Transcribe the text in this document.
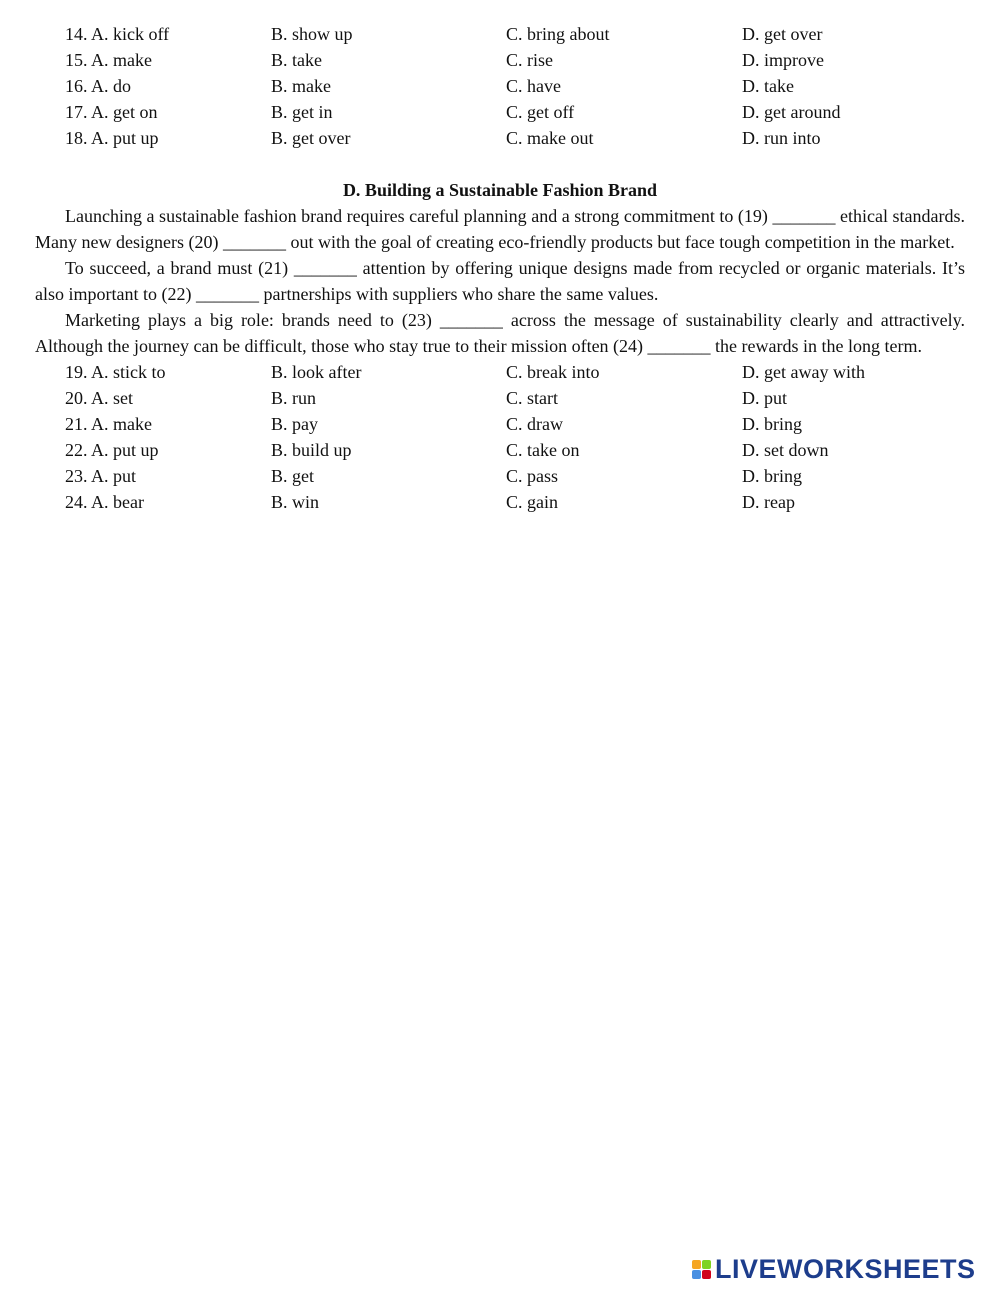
14. A. kick off	B. show up	C. bring about	D. get over
15. A. make	B. take	C. rise	D. improve
16. A. do	B. make	C. have	D. take
17. A. get on	B. get in	C. get off	D. get around
18. A. put up	B. get over	C. make out	D. run into
D. Building a Sustainable Fashion Brand

Launching a sustainable fashion brand requires careful planning and a strong commitment to (19) _______ ethical standards. Many new designers (20) _______ out with the goal of creating eco-friendly products but face tough competition in the market.

To succeed, a brand must (21) _______ attention by offering unique designs made from recycled or organic materials. It’s also important to (22) _______ partnerships with suppliers who share the same values.

Marketing plays a big role: brands need to (23) _______ across the message of sustainability clearly and attractively. Although the journey can be difficult, those who stay true to their mission often (24) _______ the rewards in the long term.

19. A. stick to	B. look after	C. break into	D. get away with
20. A. set	B. run	C. start	D. put
21. A. make	B. pay	C. draw	D. bring
22. A. put up	B. build up	C. take on	D. set down
23. A. put	B. get	C. pass	D. bring
24. A. bear	B. win	C. gain	D. reap
LIVEWORKSHEETS
